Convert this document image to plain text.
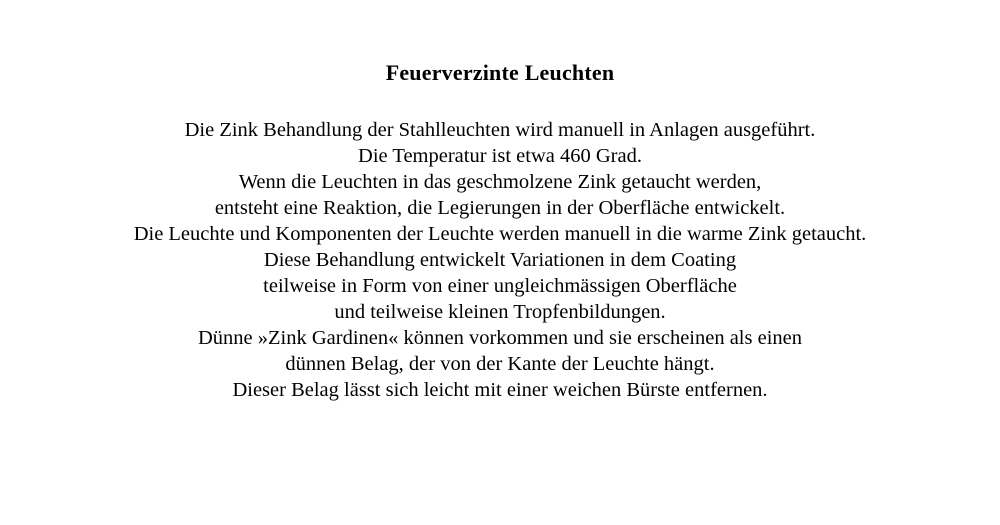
Feuerverzinte Leuchten
Die Zink Behandlung der Stahlleuchten wird manuell in Anlagen ausgeführt.
Die Temperatur ist etwa 460 Grad.
Wenn die Leuchten in das geschmolzene Zink getaucht werden,
entsteht eine Reaktion, die Legierungen in der Oberfläche entwickelt.
Die Leuchte und Komponenten der Leuchte werden manuell in die warme Zink getaucht.
Diese Behandlung entwickelt Variationen in dem Coating
teilweise in Form von einer ungleichmässigen Oberfläche
und teilweise kleinen Tropfenbildungen.
Dünne »Zink Gardinen« können vorkommen und sie erscheinen als einen
dünnen Belag, der von der Kante der Leuchte hängt.
Dieser Belag lässt sich leicht mit einer weichen Bürste entfernen.
